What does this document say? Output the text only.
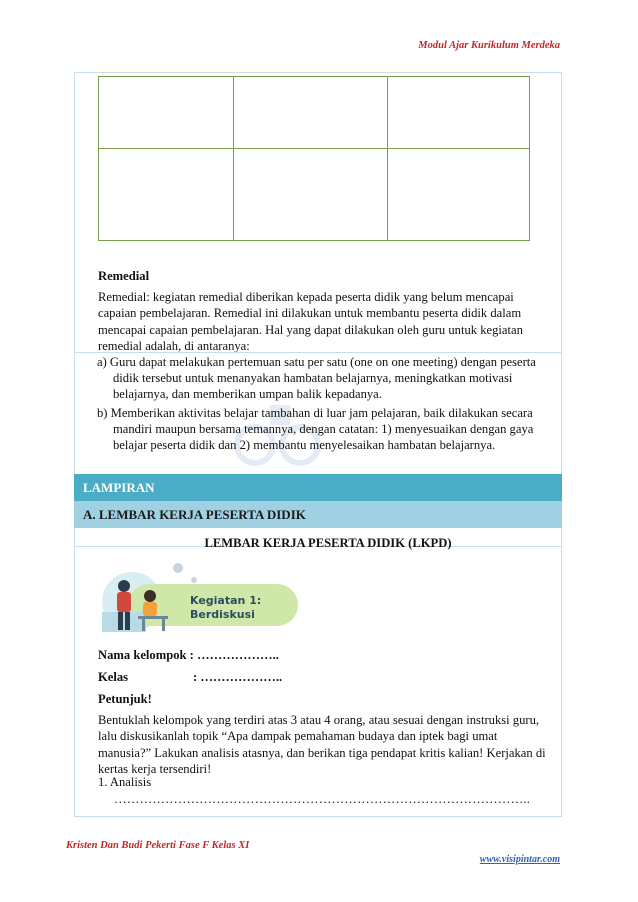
Modul Ajar Kurikulum Merdeka

Remedial
Remedial: kegiatan remedial diberikan kepada peserta didik yang belum mencapai capaian pembelajaran. Remedial ini dilakukan untuk membantu peserta didik dalam mencapai capaian pembelajaran. Hal yang dapat dilakukan oleh guru untuk kegiatan remedial adalah, di antaranya:
a) Guru dapat melakukan pertemuan satu per satu (one on one meeting) dengan peserta didik tersebut untuk menanyakan hambatan belajarnya, meningkatkan motivasi belajarnya, dan memberikan umpan balik kepadanya.
b) Memberikan aktivitas belajar tambahan di luar jam pelajaran, baik dilakukan secara mandiri maupun bersama temannya, dengan catatan: 1) menyesuaikan dengan gaya belajar peserta didik dan 2) membantu menyelesaikan hambatan belajarnya.
LAMPIRAN
A. LEMBAR KERJA PESERTA DIDIK
LEMBAR KERJA PESERTA DIDIK (LKPD)
Kegiatan 1:
Berdiskusi
Nama kelompok : ………………..
Kelas	: ………………..
Petunjuk!
Bentuklah kelompok yang terdiri atas 3 atau 4 orang, atau sesuai dengan instruksi guru, lalu diskusikanlah topik “Apa dampak pemahaman budaya dan iptek bagi umat manusia?” Lakukan analisis atasnya, dan berikan tiga pendapat kritis kalian! Kerjakan di kertas kerja tersendiri!
1. Analisis
……………………………………………………………………………………..
Kristen Dan Budi Pekerti Fase F Kelas XI
www.visipintar.com
